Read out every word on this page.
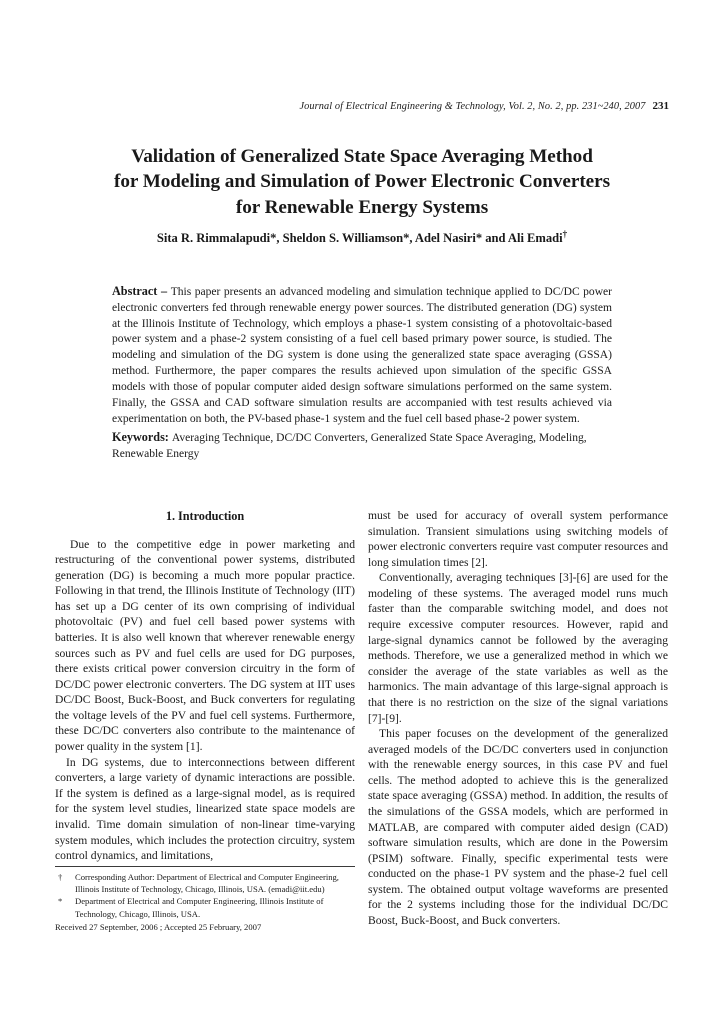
Journal of Electrical Engineering & Technology, Vol. 2, No. 2, pp. 231~240, 2007 231
Validation of Generalized State Space Averaging Method
for Modeling and Simulation of Power Electronic Converters
for Renewable Energy Systems
Sita R. Rimmalapudi*, Sheldon S. Williamson*, Adel Nasiri* and Ali Emadi†
Abstract – This paper presents an advanced modeling and simulation technique applied to DC/DC power electronic converters fed through renewable energy power sources. The distributed generation (DG) system at the Illinois Institute of Technology, which employs a phase-1 system consisting of a photovoltaic-based power system and a phase-2 system consisting of a fuel cell based primary power source, is studied. The modeling and simulation of the DG system is done using the generalized state space averaging (GSSA) method. Furthermore, the paper compares the results achieved upon simulation of the specific GSSA models with those of popular computer aided design software simulations performed on the same system. Finally, the GSSA and CAD software simulation results are accompanied with test results achieved via experimentation on both, the PV-based phase-1 system and the fuel cell based phase-2 power system.
Keywords: Averaging Technique, DC/DC Converters, Generalized State Space Averaging, Modeling, Renewable Energy
1. Introduction

Due to the competitive edge in power marketing and restructuring of the conventional power systems, distributed generation (DG) is becoming a much more popular practice. Following in that trend, the Illinois Institute of Technology (IIT) has set up a DG center of its own comprising of individual photovoltaic (PV) and fuel cell based power systems with batteries. It is also well known that wherever renewable energy sources such as PV and fuel cells are used for DG purposes, there exists critical power conversion circuitry in the form of DC/DC power electronic converters. The DG system at IIT uses DC/DC Boost, Buck-Boost, and Buck converters for regulating the voltage levels of the PV and fuel cell systems. Furthermore, these DC/DC converters also contribute to the maintenance of power quality in the system [1].

In DG systems, due to interconnections between different converters, a large variety of dynamic interactions are possible. If the system is defined as a large-signal model, as is required for the system level studies, linearized state space models are invalid. Time domain simulation of non-linear time-varying system modules, which includes the protection circuitry, system control dynamics, and limitations,

must be used for accuracy of overall system performance simulation. Transient simulations using switching models of power electronic converters require vast computer resources and long simulation times [2].

Conventionally, averaging techniques [3]-[6] are used for the modeling of these systems. The averaged model runs much faster than the comparable switching model, and does not require excessive computer resources. However, rapid and large-signal dynamics cannot be followed by the averaging methods. Therefore, we use a generalized method in which we consider the average of the state variables as well as the harmonics. The main advantage of this large-signal approach is that there is no restriction on the size of the signal variations [7]-[9].

This paper focuses on the development of the generalized averaged models of the DC/DC converters used in conjunction with the renewable energy sources, in this case PV and fuel cells. The method adopted to achieve this is the generalized state space averaging (GSSA) method. In addition, the results of the simulations of the GSSA models, which are performed in MATLAB, are compared with computer aided design (CAD) software simulation results, which are done in the Powersim (PSIM) software. Finally, specific experimental tests were conducted on the phase-1 PV system and the phase-2 fuel cell system. The obtained output voltage waveforms are presented for the 2 systems including those for the individual DC/DC Boost, Buck-Boost, and Buck converters.

†	Corresponding Author: Department of Electrical and Computer Engineering, Illinois Institute of Technology, Chicago, Illinois, USA. (emadi@iit.edu)
*	Department of Electrical and Computer Engineering, Illinois Institute of Technology, Chicago, Illinois, USA.
Received 27 September, 2006 ; Accepted 25 February, 2007
